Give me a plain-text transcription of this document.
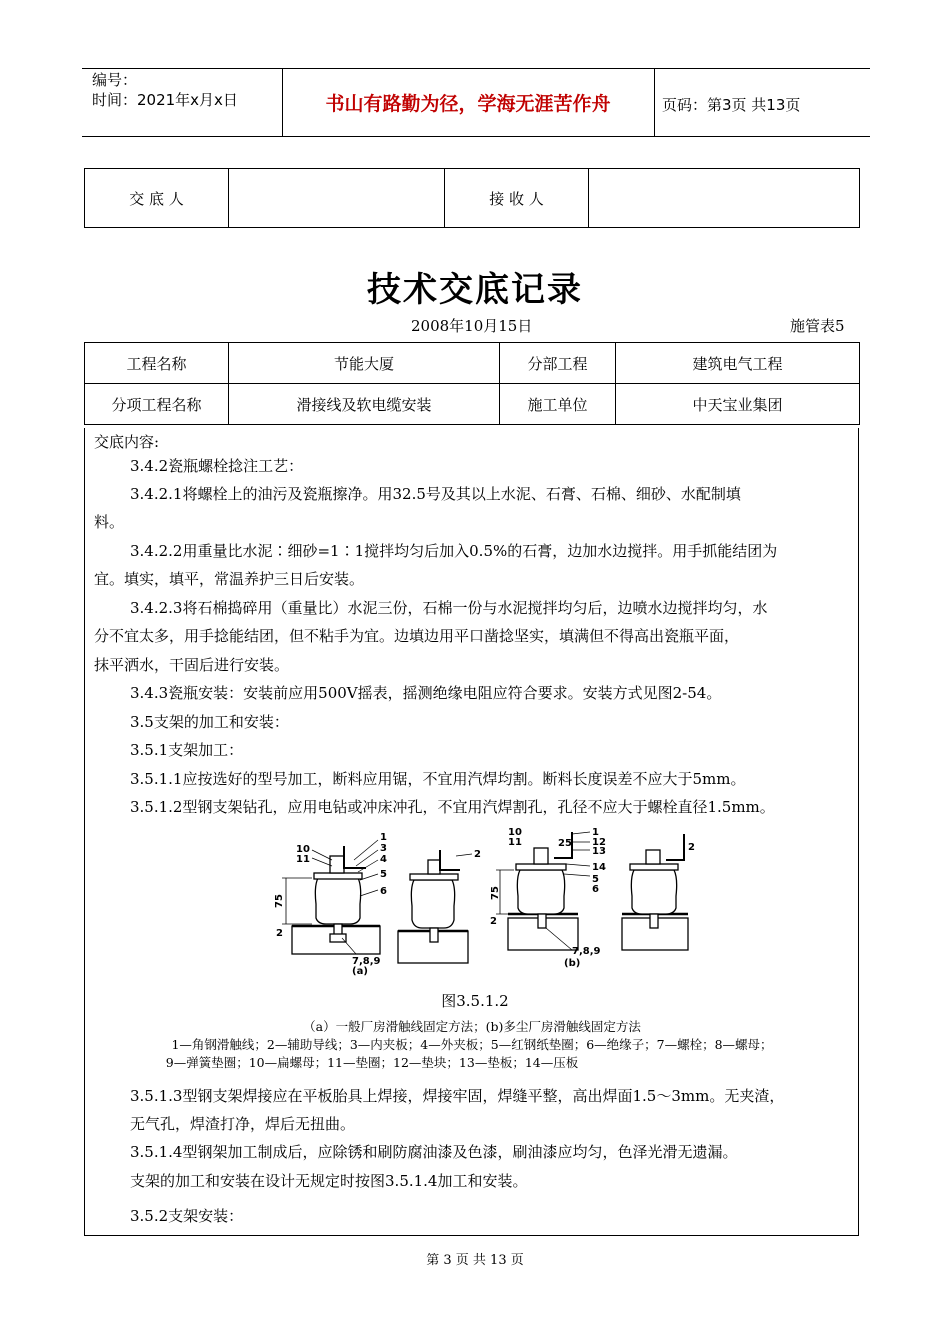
编号：
时间：2021年x月x日	书山有路勤为径，学海无涯苦作舟	页码：第3页 共13页
交 底 人		接 收 人	
技术交底记录
2008年10月15日	施管表5
工程名称	节能大厦	分部工程	建筑电气工程
分项工程名称	滑接线及软电缆安装	施工单位	中天宝业集团
交底内容:
3.4.2瓷瓶螺栓捻注工艺：
3.4.2.1将螺栓上的油污及瓷瓶擦净。用32.5号及其以上水泥、石膏、石棉、细砂、水配制填
料。
3.4.2.2用重量比水泥∶细砂=1∶1搅拌均匀后加入0.5%的石膏，边加水边搅拌。用手抓能结团为
宜。填实，填平，常温养护三日后安装。
3.4.2.3将石棉捣碎用（重量比）水泥三份，石棉一份与水泥搅拌均匀后，边喷水边搅拌均匀，水
分不宜太多，用手捻能结团，但不粘手为宜。边填边用平口凿捻坚实，填满但不得高出瓷瓶平面，
抹平洒水，干固后进行安装。
3.4.3瓷瓶安装：安装前应用500V摇表，摇测绝缘电阻应符合要求。安装方式见图2-54。
3.5支架的加工和安装：
3.5.1支架加工：
3.5.1.1应按选好的型号加工，断料应用锯，不宜用汽焊均割。断料长度误差不应大于5mm。
3.5.1.2型钢支架钻孔，应用电钻或冲床冲孔，不宜用汽焊割孔，孔径不应大于螺栓直径1.5mm。
1
3
4
5
6
10
11
75
2
7,8,9
(a)
2
1
12
13
14
5
6
10
11	25
75
2
7,8,9
(b)
2
图3.5.1.2
（a）一般厂房滑触线固定方法；(b)多尘厂房滑触线固定方法
1—角钢滑触线；2—辅助导线；3—内夹板；4—外夹板；5—红钢纸垫圈；6—绝缘子；7—螺栓；8—螺母；
9—弹簧垫圈；10—扁螺母；11—垫圈；12—垫块；13—垫板；14—压板
3.5.1.3型钢支架焊接应在平板胎具上焊接，焊接牢固，焊缝平整，高出焊面1.5～3mm。无夹渣，
无气孔，焊渣打净，焊后无扭曲。
3.5.1.4型钢架加工制成后，应除锈和刷防腐油漆及色漆，刷油漆应均匀，色泽光滑无遗漏。
支架的加工和安装在设计无规定时按图3.5.1.4加工和安装。
3.5.2支架安装：
第 3 页 共 13 页
